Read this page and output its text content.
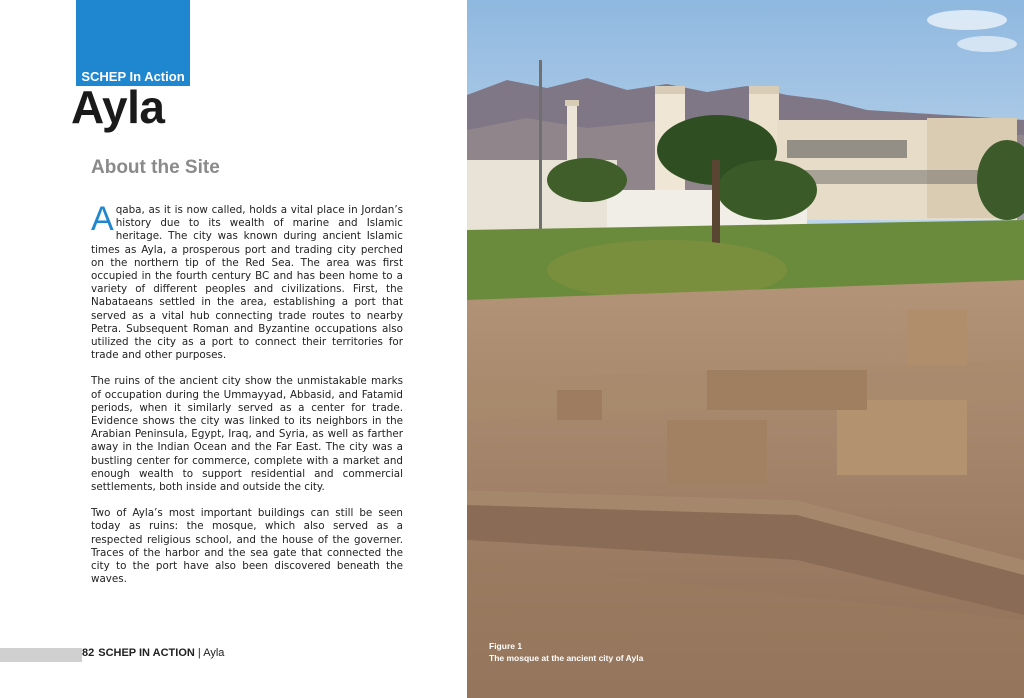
SCHEP In Action
Ayla
About the Site

Aqaba, as it is now called, holds a vital place in Jordan’s history due to its wealth of marine and Islamic heritage. The city was known during ancient Islamic times as Ayla, a prosperous port and trading city perched on the northern tip of the Red Sea. The area was first occupied in the fourth century BC and has been home to a variety of different peoples and civilizations. First, the Nabataeans settled in the area, establishing a port that served as a vital hub connecting trade routes to nearby Petra. Subsequent Roman and Byzantine occupations also utilized the city as a port to connect their territories for trade and other purposes.

The ruins of the ancient city show the unmistakable marks of occupation during the Ummayyad, Abbasid, and Fatamid periods, when it similarly served as a center for trade. Evidence shows the city was linked to its neighbors in the Arabian Peninsula, Egypt, Iraq, and Syria, as well as farther away in the Indian Ocean and the Far East. The city was a bustling center for commerce, complete with a market and enough wealth to support residential and commercial settlements, both inside and outside the city.

Two of Ayla’s most important buildings can still be seen today as ruins: the mosque, which also served as a respected religious school, and the house of the governer. Traces of the harbor and the sea gate that connected the city to the port have also been discovered beneath the waves.

82 SCHEP IN ACTION | Ayla
Figure 1
The mosque at the ancient city of Ayla
